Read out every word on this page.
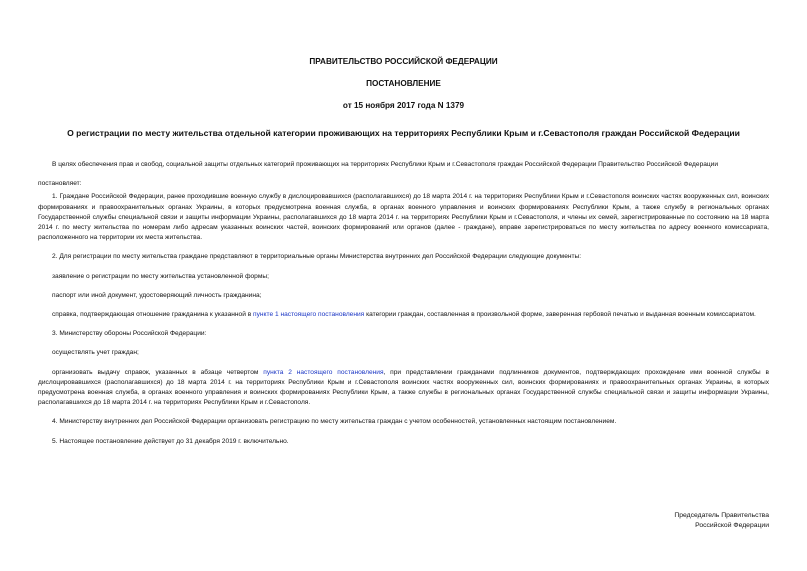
ПРАВИТЕЛЬСТВО РОССИЙСКОЙ ФЕДЕРАЦИИ
ПОСТАНОВЛЕНИЕ
от 15 ноября 2017 года N 1379
О регистрации по месту жительства отдельной категории проживающих на территориях Республики Крым и г.Севастополя граждан Российской Федерации

В целях обеспечения прав и свобод, социальной защиты отдельных категорий проживающих на территориях Республики Крым и г.Севастополя граждан Российской Федерации Правительство Российской Федерации

постановляет:

1. Граждане Российской Федерации, ранее проходившие военную службу в дислоцировавшихся (располагавшихся) до 18 марта 2014 г. на территориях Республики Крым и г.Севастополя воинских частях вооруженных сил, воинских формированиях и правоохранительных органах Украины, в которых предусмотрена военная служба, в органах военного управления и воинских формированиях Республики Крым, а также службу в региональных органах Государственной службы специальной связи и защиты информации Украины, располагавшихся до 18 марта 2014 г. на территориях Республики Крым и г.Севастополя, и члены их семей, зарегистрированные по состоянию на 18 марта 2014 г. по месту жительства по номерам либо адресам указанных воинских частей, воинских формирований или органов (далее - граждане), вправе зарегистрироваться по месту жительства по адресу военного комиссариата, расположенного на территории их места жительства.

2. Для регистрации по месту жительства граждане представляют в территориальные органы Министерства внутренних дел Российской Федерации следующие документы:

заявление о регистрации по месту жительства установленной формы;

паспорт или иной документ, удостоверяющий личность гражданина;

справка, подтверждающая отношение гражданина к указанной в пункте 1 настоящего постановления категории граждан, составленная в произвольной форме, заверенная гербовой печатью и выданная военным комиссариатом.

3. Министерству обороны Российской Федерации:

осуществлять учет граждан;

организовать выдачу справок, указанных в абзаце четвертом пункта 2 настоящего постановления, при представлении гражданами подлинников документов, подтверждающих прохождение ими военной службы в дислоцировавшихся (располагавшихся) до 18 марта 2014 г. на территориях Республики Крым и г.Севастополя воинских частях вооруженных сил, воинских формированиях и правоохранительных органах Украины, в которых предусмотрена военная служба, в органах военного управления и воинских формированиях Республики Крым, а также службы в региональных органах Государственной службы специальной связи и защиты информации Украины, располагавшихся до 18 марта 2014 г. на территориях Республики Крым и г.Севастополя.

4. Министерству внутренних дел Российской Федерации организовать регистрацию по месту жительства граждан с учетом особенностей, установленных настоящим постановлением.

5. Настоящее постановление действует до 31 декабря 2019 г. включительно.

Председатель Правительства
Российской Федерации
